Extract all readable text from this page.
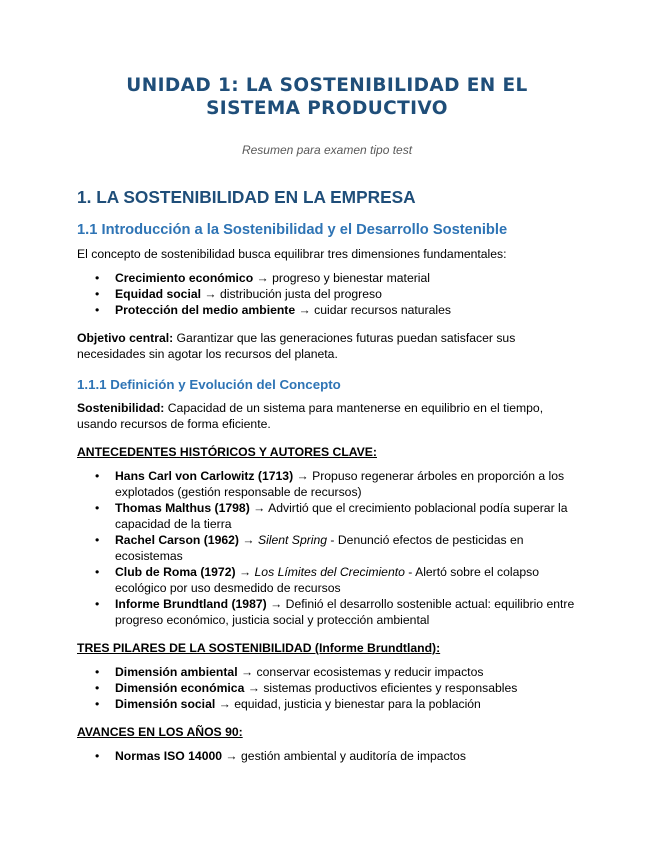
UNIDAD 1: LA SOSTENIBILIDAD EN EL SISTEMA PRODUCTIVO

Resumen para examen tipo test

1. LA SOSTENIBILIDAD EN LA EMPRESA
1.1 Introducción a la Sostenibilidad y el Desarrollo Sostenible

El concepto de sostenibilidad busca equilibrar tres dimensiones fundamentales:

• Crecimiento económico → progreso y bienestar material
• Equidad social → distribución justa del progreso
• Protección del medio ambiente → cuidar recursos naturales

Objetivo central: Garantizar que las generaciones futuras puedan satisfacer sus necesidades sin agotar los recursos del planeta.

1.1.1 Definición y Evolución del Concepto

Sostenibilidad: Capacidad de un sistema para mantenerse en equilibrio en el tiempo, usando recursos de forma eficiente.

ANTECEDENTES HISTÓRICOS Y AUTORES CLAVE:

• Hans Carl von Carlowitz (1713) → Propuso regenerar árboles en proporción a los explotados (gestión responsable de recursos)
• Thomas Malthus (1798) → Advirtió que el crecimiento poblacional podía superar la capacidad de la tierra
• Rachel Carson (1962) → Silent Spring - Denunció efectos de pesticidas en ecosistemas
• Club de Roma (1972) → Los Límites del Crecimiento - Alertó sobre el colapso ecológico por uso desmedido de recursos
• Informe Brundtland (1987) → Definió el desarrollo sostenible actual: equilibrio entre progreso económico, justicia social y protección ambiental

TRES PILARES DE LA SOSTENIBILIDAD (Informe Brundtland):

• Dimensión ambiental → conservar ecosistemas y reducir impactos
• Dimensión económica → sistemas productivos eficientes y responsables
• Dimensión social → equidad, justicia y bienestar para la población

AVANCES EN LOS AÑOS 90:

• Normas ISO 14000 → gestión ambiental y auditoría de impactos
